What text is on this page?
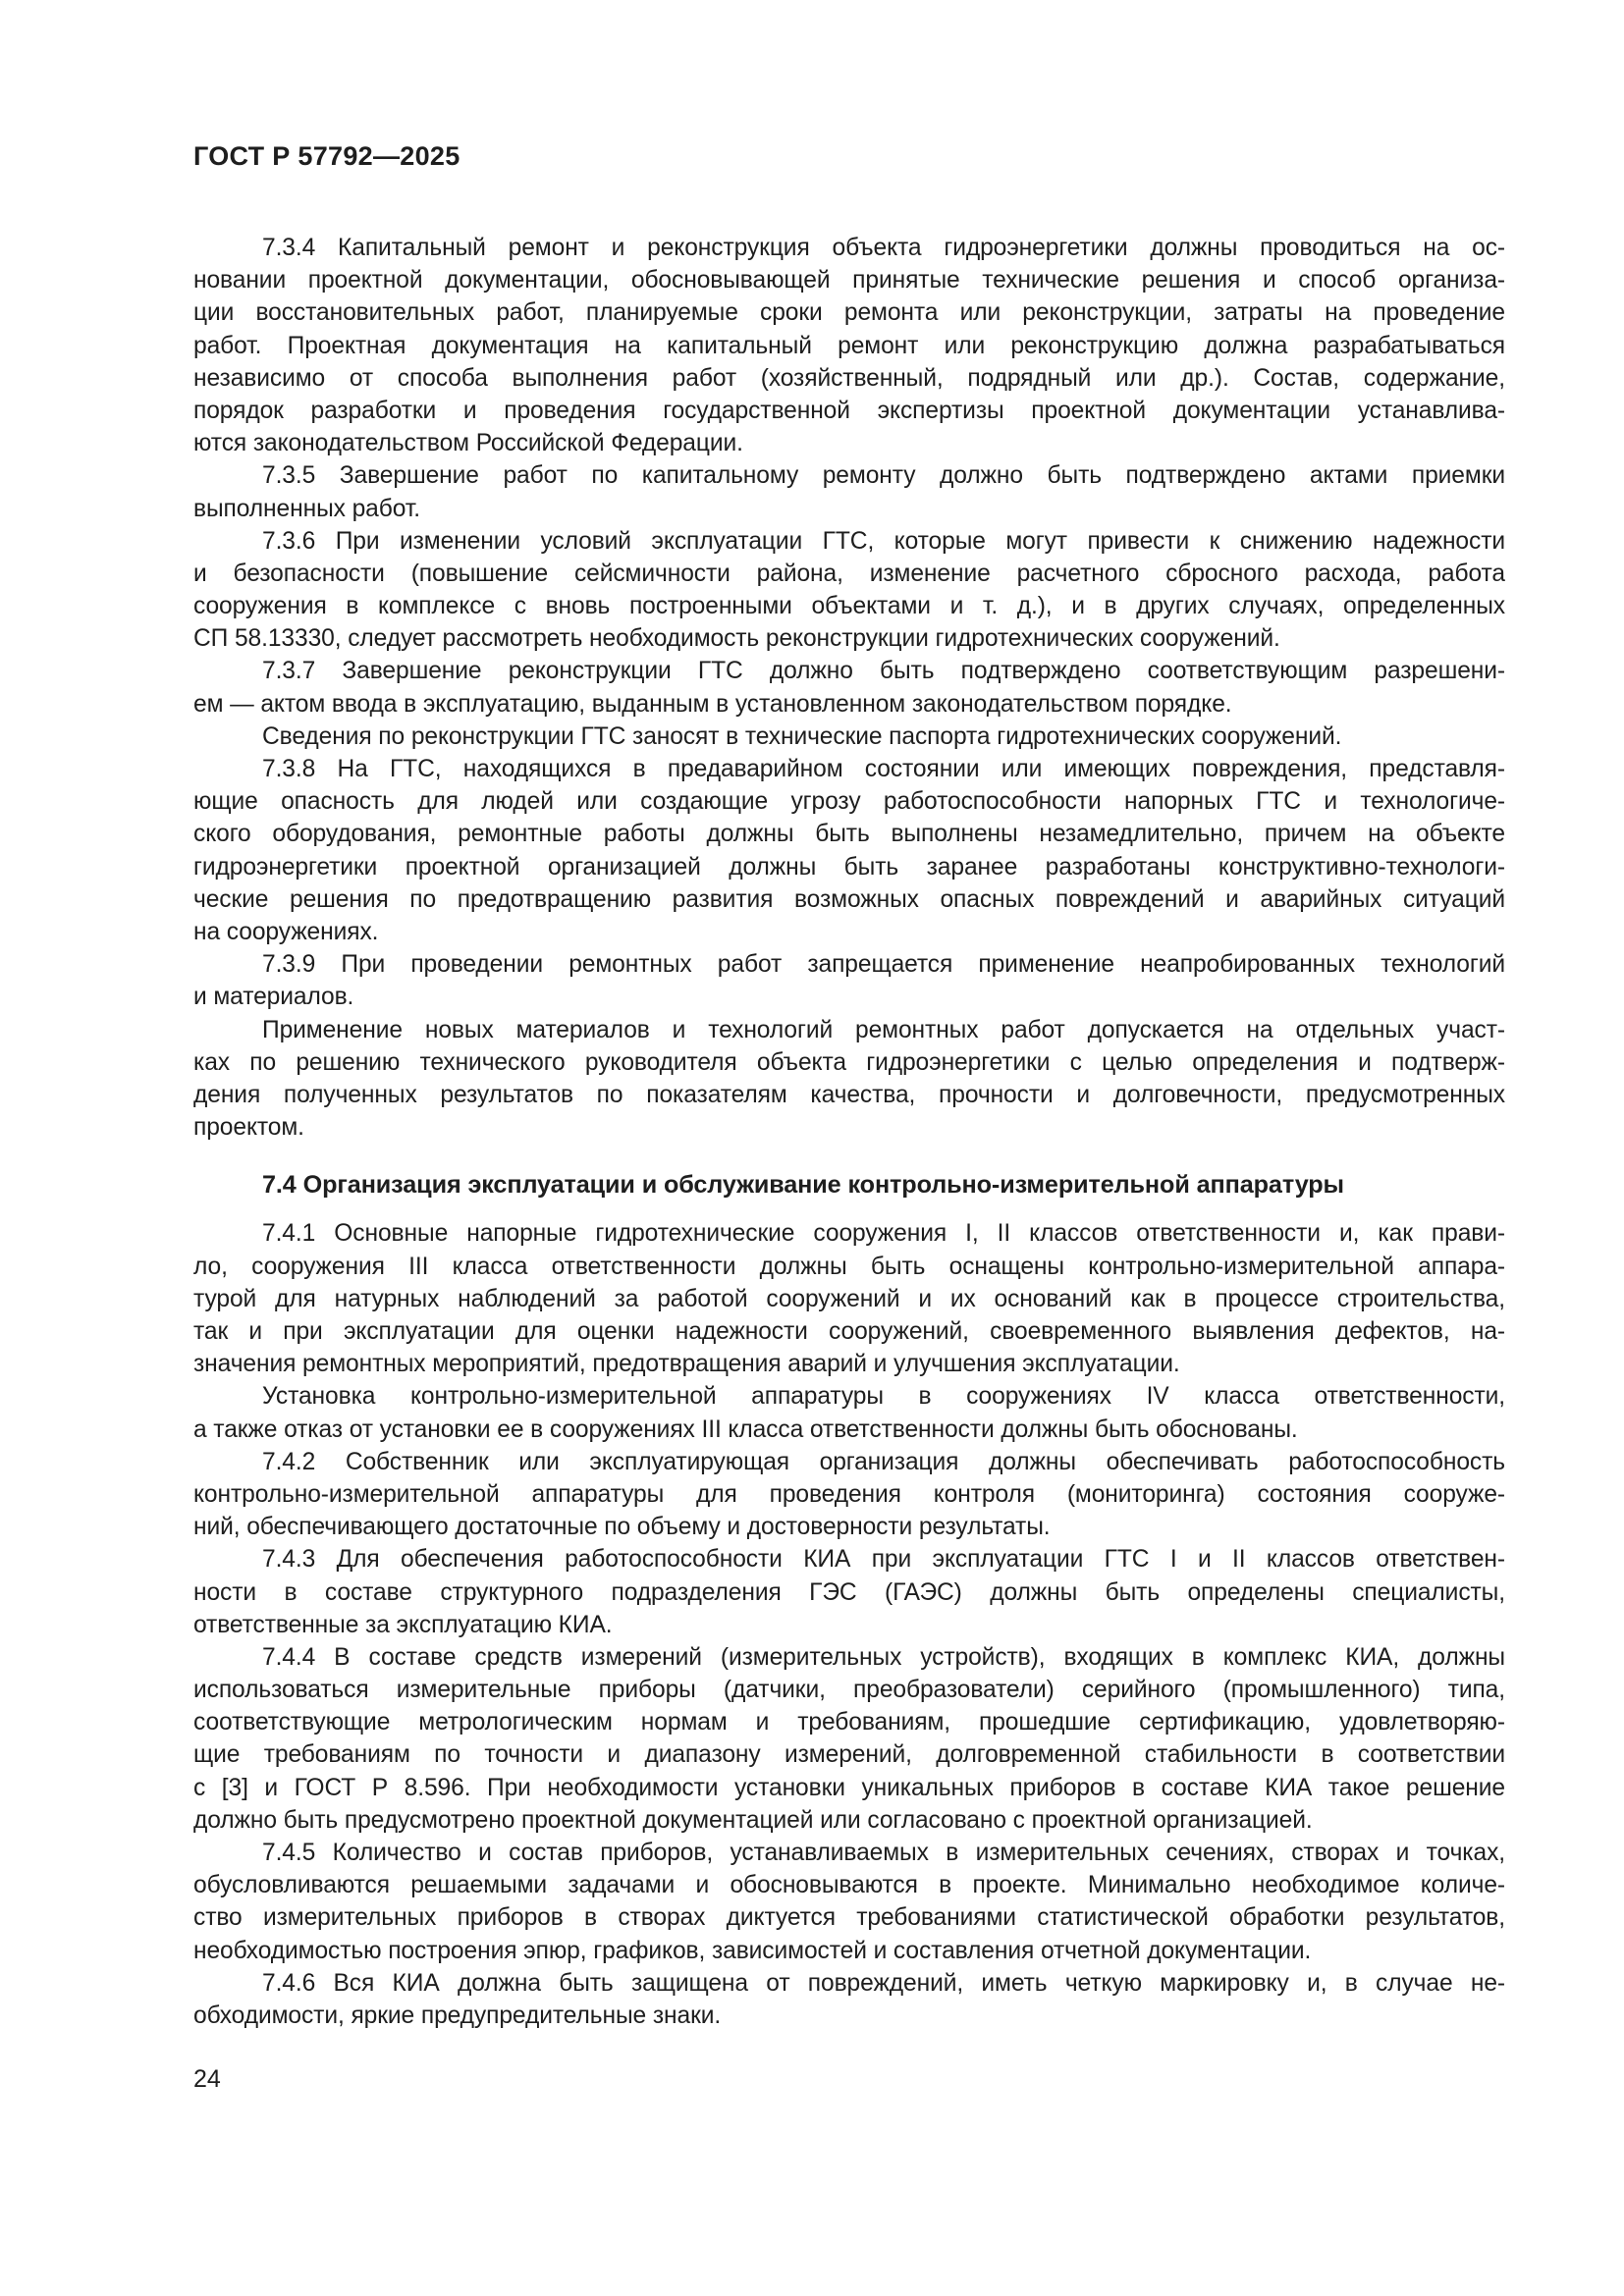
ГОСТ Р 57792—2025
7.3.4 Капитальный ремонт и реконструкция объекта гидроэнергетики должны проводиться на ос-
новании проектной документации, обосновывающей принятые технические решения и способ организа-
ции восстановительных работ, планируемые сроки ремонта или реконструкции, затраты на проведение
работ. Проектная документация на капитальный ремонт или реконструкцию должна разрабатываться
независимо от способа выполнения работ (хозяйственный, подрядный или др.). Состав, содержание,
порядок разработки и проведения государственной экспертизы проектной документации устанавлива-
ются законодательством Российской Федерации.
7.3.5 Завершение работ по капитальному ремонту должно быть подтверждено актами приемки
выполненных работ.
7.3.6 При изменении условий эксплуатации ГТС, которые могут привести к снижению надежности
и безопасности (повышение сейсмичности района, изменение расчетного сбросного расхода, работа
сооружения в комплексе с вновь построенными объектами и т. д.), и в других случаях, определенных
СП 58.13330, следует рассмотреть необходимость реконструкции гидротехнических сооружений.
7.3.7 Завершение реконструкции ГТС должно быть подтверждено соответствующим разрешени-
ем — актом ввода в эксплуатацию, выданным в установленном законодательством порядке.
Сведения по реконструкции ГТС заносят в технические паспорта гидротехнических сооружений.
7.3.8 На ГТС, находящихся в предаварийном состоянии или имеющих повреждения, представля-
ющие опасность для людей или создающие угрозу работоспособности напорных ГТС и технологиче-
ского оборудования, ремонтные работы должны быть выполнены незамедлительно, причем на объекте
гидроэнергетики проектной организацией должны быть заранее разработаны конструктивно-технологи-
ческие решения по предотвращению развития возможных опасных повреждений и аварийных ситуаций
на сооружениях.
7.3.9 При проведении ремонтных работ запрещается применение неапробированных технологий
и материалов.
Применение новых материалов и технологий ремонтных работ допускается на отдельных участ-
ках по решению технического руководителя объекта гидроэнергетики с целью определения и подтверж-
дения полученных результатов по показателям качества, прочности и долговечности, предусмотренных
проектом.
7.4 Организация эксплуатации и обслуживание контрольно-измерительной аппаратуры
7.4.1 Основные напорные гидротехнические сооружения I, II классов ответственности и, как прави-
ло, сооружения III класса ответственности должны быть оснащены контрольно-измерительной аппара-
турой для натурных наблюдений за работой сооружений и их оснований как в процессе строительства,
так и при эксплуатации для оценки надежности сооружений, своевременного выявления дефектов, на-
значения ремонтных мероприятий, предотвращения аварий и улучшения эксплуатации.
Установка контрольно-измерительной аппаратуры в сооружениях IV класса ответственности,
а также отказ от установки ее в сооружениях III класса ответственности должны быть обоснованы.
7.4.2 Собственник или эксплуатирующая организация должны обеспечивать работоспособность
контрольно-измерительной аппаратуры для проведения контроля (мониторинга) состояния сооруже-
ний, обеспечивающего достаточные по объему и достоверности результаты.
7.4.3 Для обеспечения работоспособности КИА при эксплуатации ГТС I и II классов ответствен-
ности в составе структурного подразделения ГЭС (ГАЭС) должны быть определены специалисты,
ответственные за эксплуатацию КИА.
7.4.4 В составе средств измерений (измерительных устройств), входящих в комплекс КИА, должны
использоваться измерительные приборы (датчики, преобразователи) серийного (промышленного) типа,
соответствующие метрологическим нормам и требованиям, прошедшие сертификацию, удовлетворяю-
щие требованиям по точности и диапазону измерений, долговременной стабильности в соответствии
с [3] и ГОСТ Р 8.596. При необходимости установки уникальных приборов в составе КИА такое решение
должно быть предусмотрено проектной документацией или согласовано с проектной организацией.
7.4.5 Количество и состав приборов, устанавливаемых в измерительных сечениях, створах и точках,
обусловливаются решаемыми задачами и обосновываются в проекте. Минимально необходимое количе-
ство измерительных приборов в створах диктуется требованиями статистической обработки результатов,
необходимостью построения эпюр, графиков, зависимостей и составления отчетной документации.
7.4.6 Вся КИА должна быть защищена от повреждений, иметь четкую маркировку и, в случае не-
обходимости, яркие предупредительные знаки.
24
